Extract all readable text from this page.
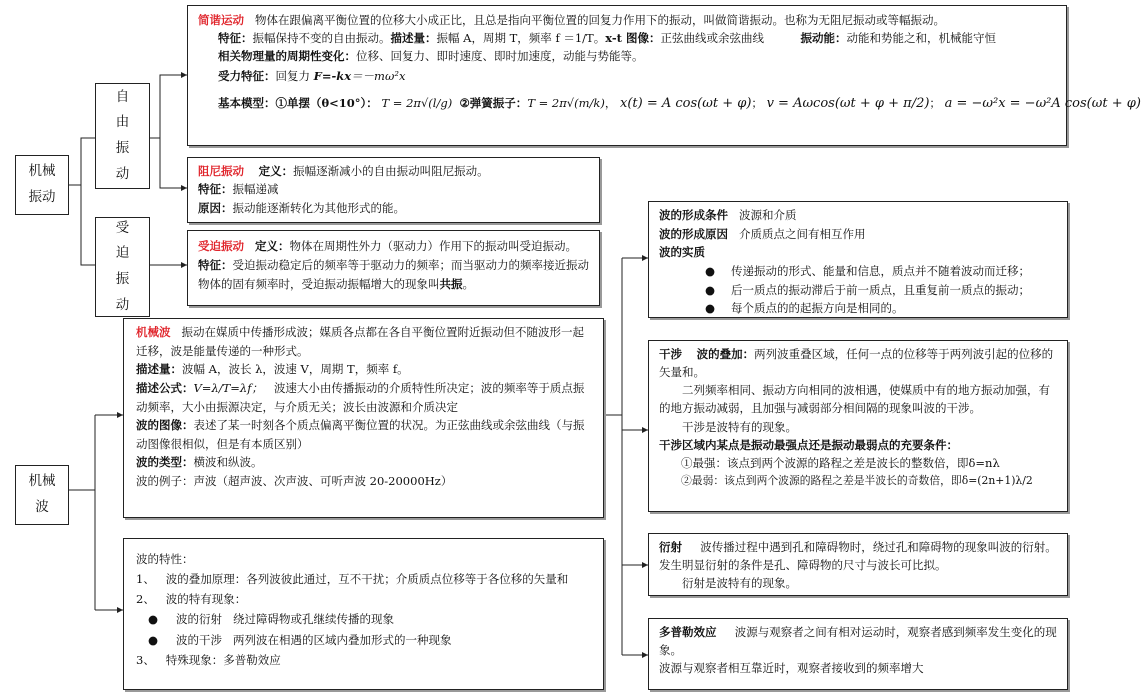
机械振动
自由振动
受迫振动
机械波

简谐运动 物体在跟偏离平衡位置的位移大小成正比，且总是指向平衡位置的回复力作用下的振动，叫做简谐振动。也称为无阻尼振动或等幅振动。

特征：振幅保持不变的自由振动。描述量：振幅 A，周期 T，频率 f ＝1/T。x-t 图像：正弦曲线或余弦曲线	振动能：动能和势能之和，机械能守恒

相关物理量的周期性变化：位移、回复力、即时速度、即时加速度，动能与势能等。

受力特征：回复力 F=-kx＝－mω²x

基本模型：①单摆（θ<10°）： T = 2π√(l/g) ②弹簧振子：T = 2π√(m/k)， x(t) = A cos(ωt + φ)； v = Aωcos(ωt + φ + π/2)； a = −ω²x = −ω²A cos(ωt + φ)

阻尼振动 定义：振幅逐渐减小的自由振动叫阻尼振动。

特征：振幅递减

原因：振动能逐渐转化为其他形式的能。

受迫振动 定义：物体在周期性外力（驱动力）作用下的振动叫受迫振动。

特征：受迫振动稳定后的频率等于驱动力的频率；而当驱动力的频率接近振动物体的固有频率时，受迫振动振幅增大的现象叫共振。

机械波 振动在媒质中传播形成波；媒质各点都在各自平衡位置附近振动但不随波形一起迁移，波是能量传递的一种形式。

描述量：波幅 A，波长 λ，波速 V，周期 T，频率 f。

描述公式：V=λ/T=λf； 波速大小由传播振动的介质特性所决定；波的频率等于质点振动频率，大小由振源决定，与介质无关；波长由波源和介质决定

波的图像：表述了某一时刻各个质点偏离平衡位置的状况。为正弦曲线或余弦曲线（与振动图像很相似，但是有本质区别）

波的类型：横波和纵波。

波的例子：声波（超声波、次声波、可听声波 20-20000Hz）

波的特性：

1、 波的叠加原理：各列波彼此通过，互不干扰；介质质点位移等于各位移的矢量和

2、 波的特有现象：

● 波的衍射 绕过障碍物或孔继续传播的现象

● 波的干涉 两列波在相遇的区域内叠加形式的一种现象

3、 特殊现象：多普勒效应

波的形成条件 波源和介质

波的形成原因 介质质点之间有相互作用

波的实质

● 传递振动的形式、能量和信息，质点并不随着波动而迁移；

● 后一质点的振动滞后于前一质点，且重复前一质点的振动；

● 每个质点的的起振方向是相同的。

干涉 波的叠加：两列波重叠区域，任何一点的位移等于两列波引起的位移的矢量和。

二列频率相同、振动方向相同的波相遇，使媒质中有的地方振动加强，有的地方振动减弱，且加强与减弱部分相间隔的现象叫波的干涉。

干涉是波特有的现象。

干涉区域内某点是振动最强点还是振动最弱点的充要条件：

①最强：该点到两个波源的路程之差是波长的整数倍，即δ=nλ

②最弱：该点到两个波源的路程之差是半波长的奇数倍，即δ=(2n+1)λ/2

衍射 波传播过程中遇到孔和障碍物时，绕过孔和障碍物的现象叫波的衍射。发生明显衍射的条件是孔、障碍物的尺寸与波长可比拟。

衍射是波特有的现象。

多普勒效应 波源与观察者之间有相对运动时，观察者感到频率发生变化的现象。

波源与观察者相互靠近时，观察者接收到的频率增大
